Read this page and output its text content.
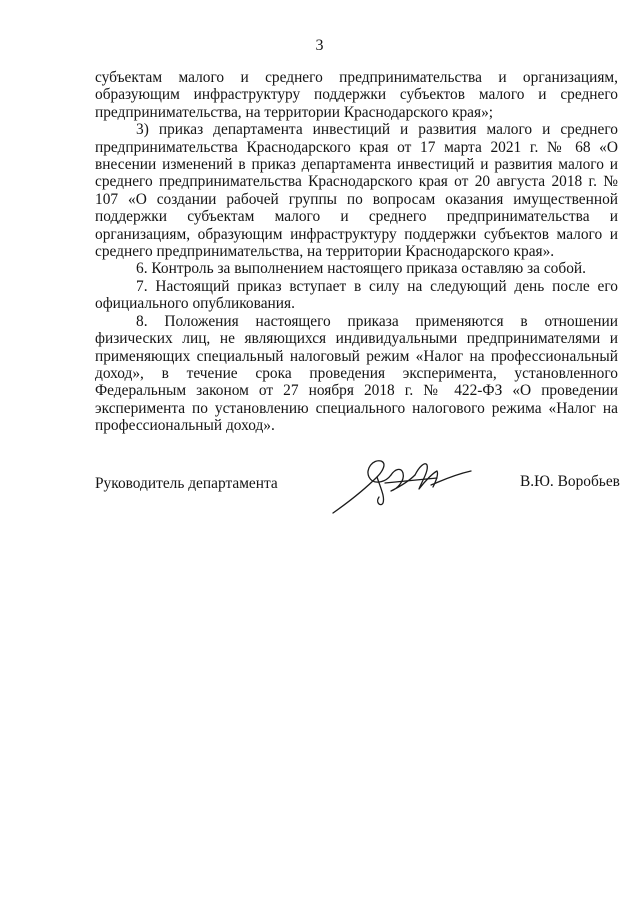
3

субъектам малого и среднего предпринимательства и организациям, образующим инфраструктуру поддержки субъектов малого и среднего предпринимательства, на территории Краснодарского края»;

3) приказ департамента инвестиций и развития малого и среднего предпринимательства Краснодарского края от 17 марта 2021 г. № 68 «О внесении изменений в приказ департамента инвестиций и развития малого и среднего предпринимательства Краснодарского края от 20 августа 2018 г. № 107 «О создании рабочей группы по вопросам оказания имущественной поддержки субъектам малого и среднего предпринимательства и организациям, образующим инфраструктуру поддержки субъектов малого и среднего предпринимательства, на территории Краснодарского края».

6. Контроль за выполнением настоящего приказа оставляю за собой.

7. Настоящий приказ вступает в силу на следующий день после его официального опубликования.

8. Положения настоящего приказа применяются в отношении физических лиц, не являющихся индивидуальными предпринимателями и применяющих специальный налоговый режим «Налог на профессиональный доход», в течение срока проведения эксперимента, установленного Федеральным законом от 27 ноября 2018 г. № 422-ФЗ «О проведении эксперимента по установлению специального налогового режима «Налог на профессиональный доход».

Руководитель департамента	В.Ю. Воробьев
